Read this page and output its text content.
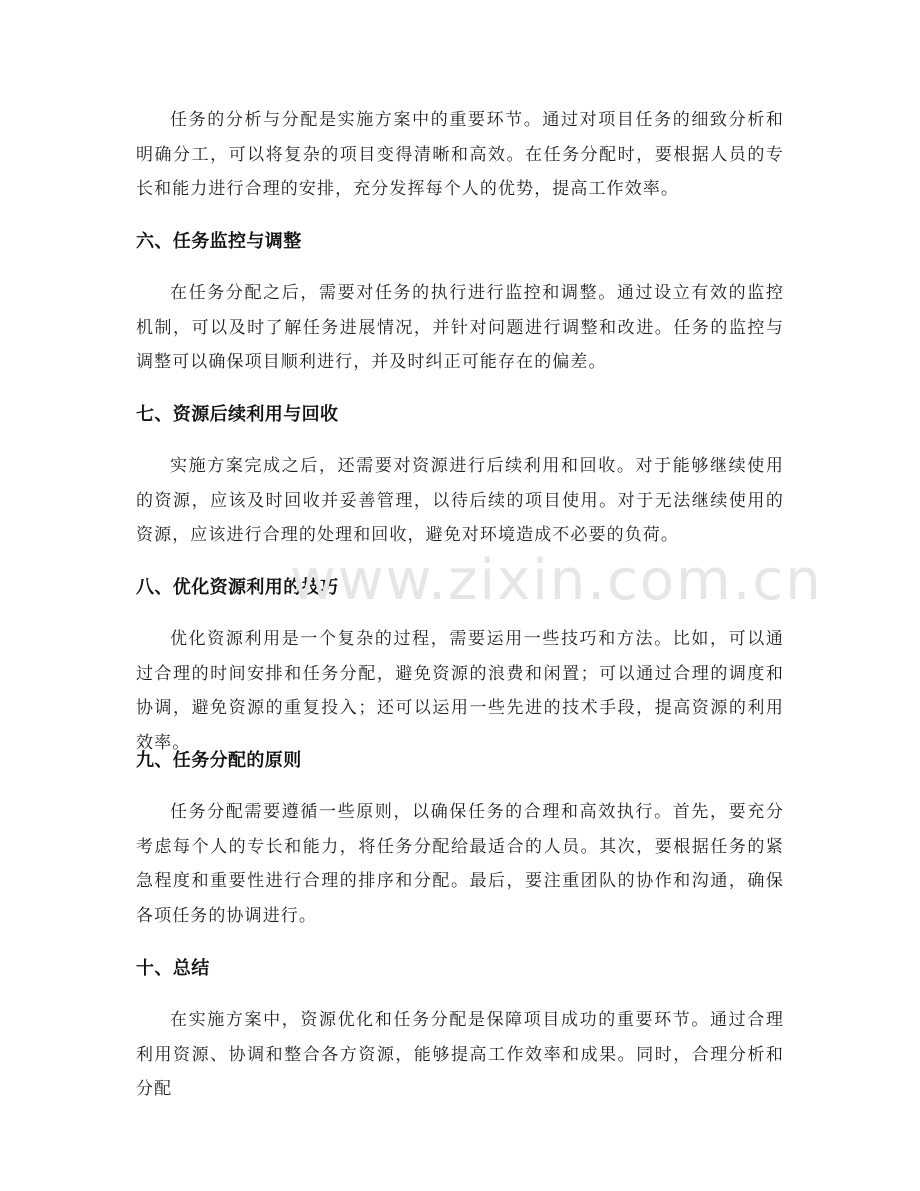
任务的分析与分配是实施方案中的重要环节。通过对项目任务的细致分析和明确分工，可以将复杂的项目变得清晰和高效。在任务分配时，要根据人员的专长和能力进行合理的安排，充分发挥每个人的优势，提高工作效率。

六、任务监控与调整

在任务分配之后，需要对任务的执行进行监控和调整。通过设立有效的监控机制，可以及时了解任务进展情况，并针对问题进行调整和改进。任务的监控与调整可以确保项目顺利进行，并及时纠正可能存在的偏差。

七、资源后续利用与回收

实施方案完成之后，还需要对资源进行后续利用和回收。对于能够继续使用的资源，应该及时回收并妥善管理，以待后续的项目使用。对于无法继续使用的资源，应该进行合理的处理和回收，避免对环境造成不必要的负荷。

八、优化资源利用的技巧

优化资源利用是一个复杂的过程，需要运用一些技巧和方法。比如，可以通过合理的时间安排和任务分配，避免资源的浪费和闲置；可以通过合理的调度和协调，避免资源的重复投入；还可以运用一些先进的技术手段，提高资源的利用效率。

九、任务分配的原则

任务分配需要遵循一些原则，以确保任务的合理和高效执行。首先，要充分考虑每个人的专长和能力，将任务分配给最适合的人员。其次，要根据任务的紧急程度和重要性进行合理的排序和分配。最后，要注重团队的协作和沟通，确保各项任务的协调进行。

十、总结

在实施方案中，资源优化和任务分配是保障项目成功的重要环节。通过合理利用资源、协调和整合各方资源，能够提高工作效率和成果。同时，合理分析和分配

www.zixin.com.cn
